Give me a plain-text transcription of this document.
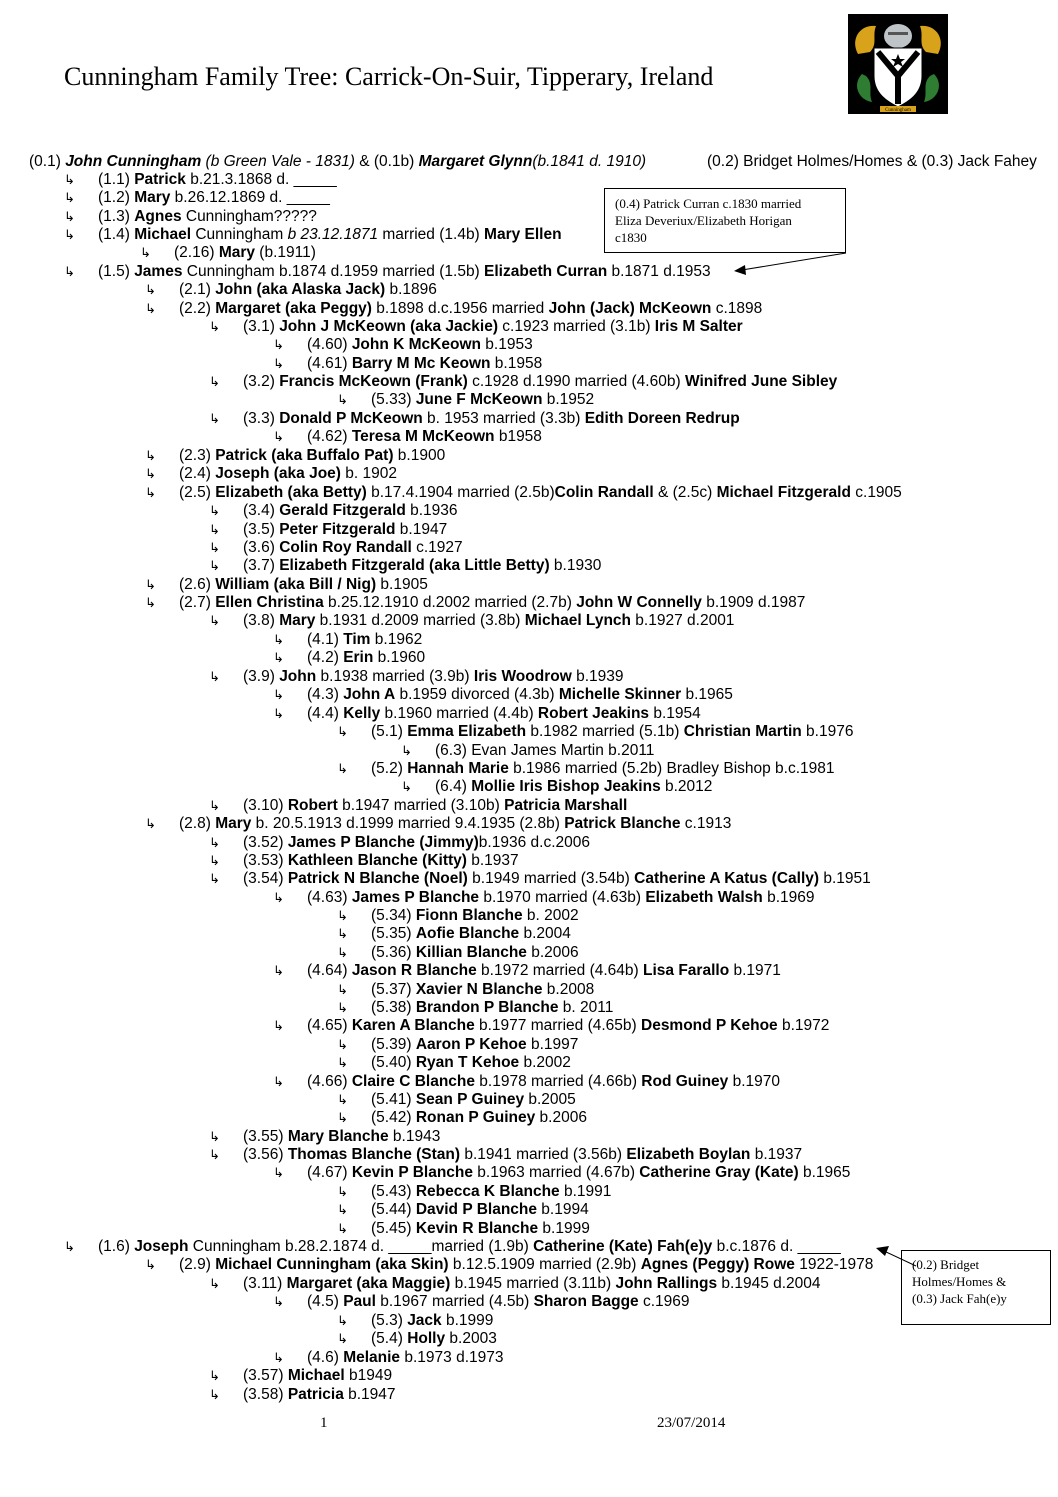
Cunningham Family Tree: Carrick-On-Suir, Tipperary, Ireland
Cunningham
(0.1) John Cunningham (b Green Vale - 1831) & (0.1b) Margaret Glynn(b.1841 d. 1910)	(0.2) Bridget Holmes/Homes & (0.3) Jack Fahey
↳ (1.1) Patrick b.21.3.1868 d. _____
↳ (1.2) Mary b.26.12.1869 d. _____
↳ (1.3) Agnes Cunningham?????
↳ (1.4) Michael Cunningham b 23.12.1871 married (1.4b) Mary Ellen
↳ (2.16) Mary (b.1911)
↳ (1.5) James Cunningham b.1874 d.1959 married (1.5b) Elizabeth Curran b.1871 d.1953
↳ (2.1) John (aka Alaska Jack) b.1896
↳ (2.2) Margaret (aka Peggy) b.1898 d.c.1956 married John (Jack) McKeown c.1898
↳ (3.1) John J McKeown (aka Jackie) c.1923 married (3.1b) Iris M Salter
↳ (4.60) John K McKeown b.1953
↳ (4.61) Barry M Mc Keown b.1958
↳ (3.2) Francis McKeown (Frank) c.1928 d.1990 married (4.60b) Winifred June Sibley
↳ (5.33) June F McKeown b.1952
↳ (3.3) Donald P McKeown b. 1953 married (3.3b) Edith Doreen Redrup
↳ (4.62) Teresa M McKeown b1958
↳ (2.3) Patrick (aka Buffalo Pat) b.1900
↳ (2.4) Joseph (aka Joe) b. 1902
↳ (2.5) Elizabeth (aka Betty) b.17.4.1904 married (2.5b)Colin Randall & (2.5c) Michael Fitzgerald c.1905
↳ (3.4) Gerald Fitzgerald b.1936
↳ (3.5) Peter Fitzgerald b.1947
↳ (3.6) Colin Roy Randall c.1927
↳ (3.7) Elizabeth Fitzgerald (aka Little Betty) b.1930
↳ (2.6) William (aka Bill / Nig) b.1905
↳ (2.7) Ellen Christina b.25.12.1910 d.2002 married (2.7b) John W Connelly b.1909 d.1987
↳ (3.8) Mary b.1931 d.2009 married (3.8b) Michael Lynch b.1927 d.2001
↳ (4.1) Tim b.1962
↳ (4.2) Erin b.1960
↳ (3.9) John b.1938 married (3.9b) Iris Woodrow b.1939
↳ (4.3) John A b.1959 divorced (4.3b) Michelle Skinner b.1965
↳ (4.4) Kelly b.1960 married (4.4b) Robert Jeakins b.1954
↳ (5.1) Emma Elizabeth b.1982 married (5.1b) Christian Martin b.1976
↳ (6.3) Evan James Martin b.2011
↳ (5.2) Hannah Marie b.1986 married (5.2b) Bradley Bishop b.c.1981
↳ (6.4) Mollie Iris Bishop Jeakins b.2012
↳ (3.10) Robert b.1947 married (3.10b) Patricia Marshall
↳ (2.8) Mary b. 20.5.1913 d.1999 married 9.4.1935 (2.8b) Patrick Blanche c.1913
↳ (3.52) James P Blanche (Jimmy)b.1936 d.c.2006
↳ (3.53) Kathleen Blanche (Kitty) b.1937
↳ (3.54) Patrick N Blanche (Noel) b.1949 married (3.54b) Catherine A Katus (Cally) b.1951
↳ (4.63) James P Blanche b.1970 married (4.63b) Elizabeth Walsh b.1969
↳ (5.34) Fionn Blanche b. 2002
↳ (5.35) Aofie Blanche b.2004
↳ (5.36) Killian Blanche b.2006
↳ (4.64) Jason R Blanche b.1972 married (4.64b) Lisa Farallo b.1971
↳ (5.37) Xavier N Blanche b.2008
↳ (5.38) Brandon P Blanche b. 2011
↳ (4.65) Karen A Blanche b.1977 married (4.65b) Desmond P Kehoe b.1972
↳ (5.39) Aaron P Kehoe b.1997
↳ (5.40) Ryan T Kehoe b.2002
↳ (4.66) Claire C Blanche b.1978 married (4.66b) Rod Guiney b.1970
↳ (5.41) Sean P Guiney b.2005
↳ (5.42) Ronan P Guiney b.2006
↳ (3.55) Mary Blanche b.1943
↳ (3.56) Thomas Blanche (Stan) b.1941 married (3.56b) Elizabeth Boylan b.1937
↳ (4.67) Kevin P Blanche b.1963 married (4.67b) Catherine Gray (Kate) b.1965
↳ (5.43) Rebecca K Blanche b.1991
↳ (5.44) David P Blanche b.1994
↳ (5.45) Kevin R Blanche b.1999
↳ (1.6) Joseph Cunningham b.28.2.1874 d. _____married (1.9b) Catherine (Kate) Fah(e)y b.c.1876 d. _____
↳ (2.9) Michael Cunningham (aka Skin) b.12.5.1909 married (2.9b) Agnes (Peggy) Rowe 1922-1978
↳ (3.11) Margaret (aka Maggie) b.1945 married (3.11b) John Rallings b.1945 d.2004
↳ (4.5) Paul b.1967 married (4.5b) Sharon Bagge c.1969
↳ (5.3) Jack b.1999
↳ (5.4) Holly b.2003
↳ (4.6) Melanie b.1973 d.1973
↳ (3.57) Michael b1949
↳ (3.58) Patricia b.1947
(0.4) Patrick Curran c.1830 married
Eliza Deveriux/Elizabeth Horigan
c1830
(0.2) Bridget
Holmes/Homes &
(0.3) Jack Fah(e)y
1	23/07/2014
